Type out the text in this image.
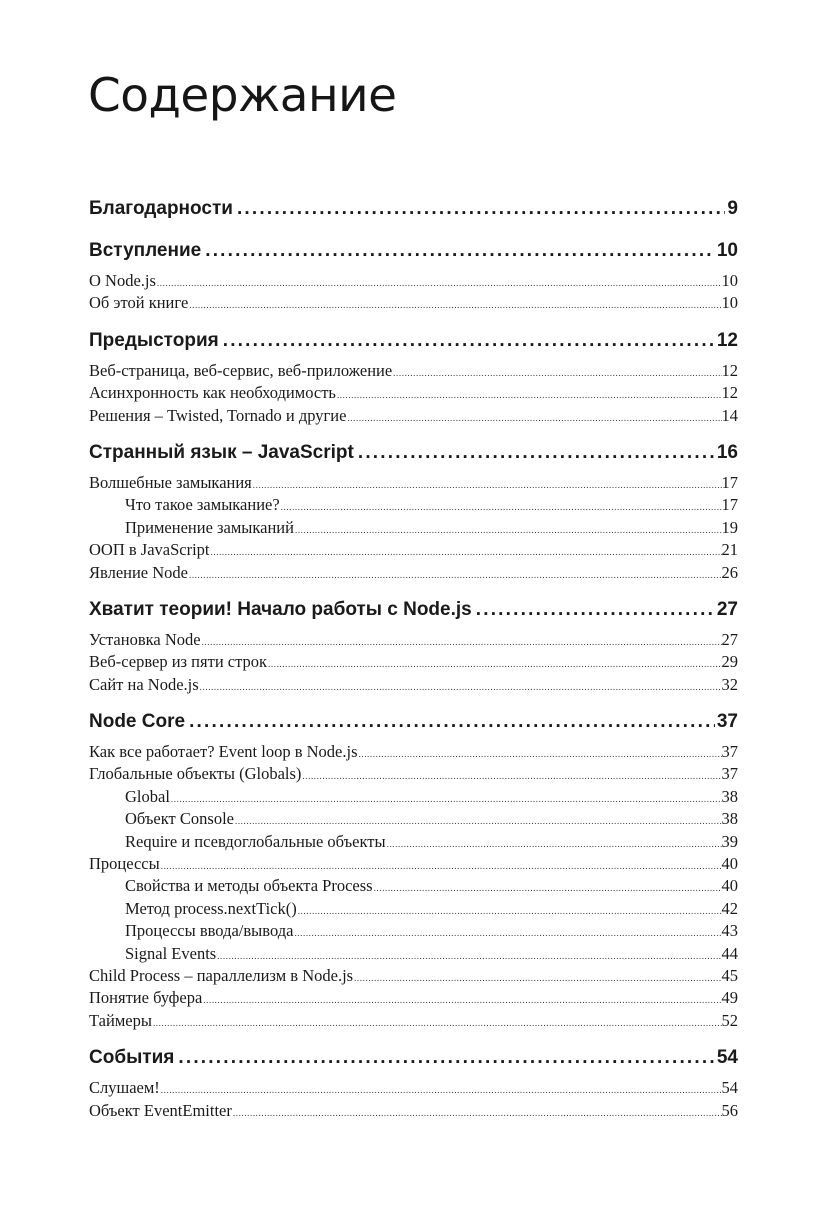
Содержание
Благодарности .....	9
Вступление .....	10
О Node.js .....	10
Об этой книге .....	10
Предыстория .....	12
Веб-страница, веб-сервис, веб-приложение .....	12
Асинхронность как необходимость .....	12
Решения – Twisted, Tornado и другие .....	14
Странный язык – JavaScript .....	16
Волшебные замыкания .....	17
Что такое замыкание? .....	17
Применение замыканий .....	19
ООП в JavaScript .....	21
Явление Node .....	26
Хватит теории! Начало работы с Node.js .....	27
Установка Node .....	27
Веб-сервер из пяти строк .....	29
Сайт на Node.js .....	32
Node Core .....	37
Как все работает? Event loop в Node.js .....	37
Глобальные объекты (Globals) .....	37
Global .....	38
Объект Console .....	38
Require и псевдоглобальные объекты .....	39
Процессы .....	40
Свойства и методы объекта Process .....	40
Метод process.nextTick() .....	42
Процессы ввода/вывода .....	43
Signal Events .....	44
Child Process – параллелизм в Node.js .....	45
Понятие буфера .....	49
Таймеры .....	52
События .....	54
Слушаем! .....	54
Объект EventEmitter .....	56
